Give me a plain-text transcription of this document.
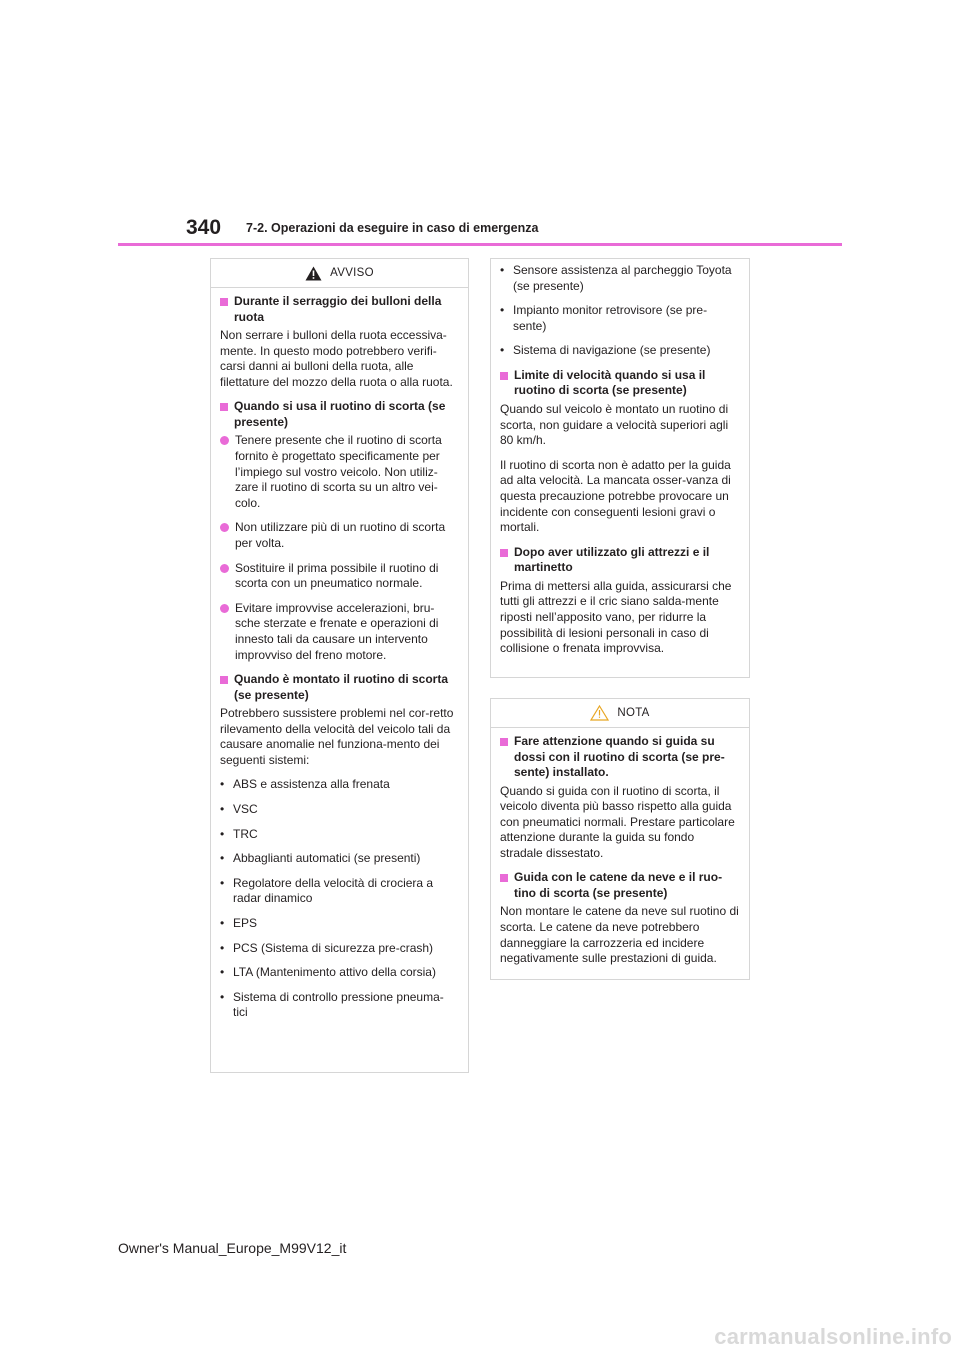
340 7-2. Operazioni da eseguire in caso di emergenza
AVVISO
Durante il serraggio dei bulloni della ruota
Non serrare i bulloni della ruota eccessiva-mente. In questo modo potrebbero verifi-carsi danni ai bulloni della ruota, alle filettature del mozzo della ruota o alla ruota.
Quando si usa il ruotino di scorta (se presente)
Tenere presente che il ruotino di scorta fornito è progettato specificamente per l’impiego sul vostro veicolo. Non utiliz-zare il ruotino di scorta su un altro vei-colo.
Non utilizzare più di un ruotino di scorta per volta.
Sostituire il prima possibile il ruotino di scorta con un pneumatico normale.
Evitare improvvise accelerazioni, bru-sche sterzate e frenate e operazioni di innesto tali da causare un intervento improvviso del freno motore.
Quando è montato il ruotino di scorta (se presente)
Potrebbero sussistere problemi nel cor-retto rilevamento della velocità del veicolo tali da causare anomalie nel funziona-mento dei seguenti sistemi:
• ABS e assistenza alla frenata
• VSC
• TRC
• Abbaglianti automatici (se presenti)
• Regolatore della velocità di crociera a radar dinamico
• EPS
• PCS (Sistema di sicurezza pre-crash)
• LTA (Mantenimento attivo della corsia)
• Sistema di controllo pressione pneuma-tici
• Sensore assistenza al parcheggio Toyota (se presente)
• Impianto monitor retrovisore (se pre-sente)
• Sistema di navigazione (se presente)
Limite di velocità quando si usa il ruotino di scorta (se presente)
Quando sul veicolo è montato un ruotino di scorta, non guidare a velocità superiori agli 80 km/h.
Il ruotino di scorta non è adatto per la guida ad alta velocità. La mancata osser-vanza di questa precauzione potrebbe provocare un incidente con conseguenti lesioni gravi o mortali.
Dopo aver utilizzato gli attrezzi e il martinetto
Prima di mettersi alla guida, assicurarsi che tutti gli attrezzi e il cric siano salda-mente riposti nell’apposito vano, per ridurre la possibilità di lesioni personali in caso di collisione o frenata improvvisa.
NOTA
Fare attenzione quando si guida su dossi con il ruotino di scorta (se pre-sente) installato.
Quando si guida con il ruotino di scorta, il veicolo diventa più basso rispetto alla guida con pneumatici normali. Prestare particolare attenzione durante la guida su fondo stradale dissestato.
Guida con le catene da neve e il ruo-tino di scorta (se presente)
Non montare le catene da neve sul ruotino di scorta. Le catene da neve potrebbero danneggiare la carrozzeria ed incidere negativamente sulle prestazioni di guida.
Owner's Manual_Europe_M99V12_it
carmanualsonline.info
